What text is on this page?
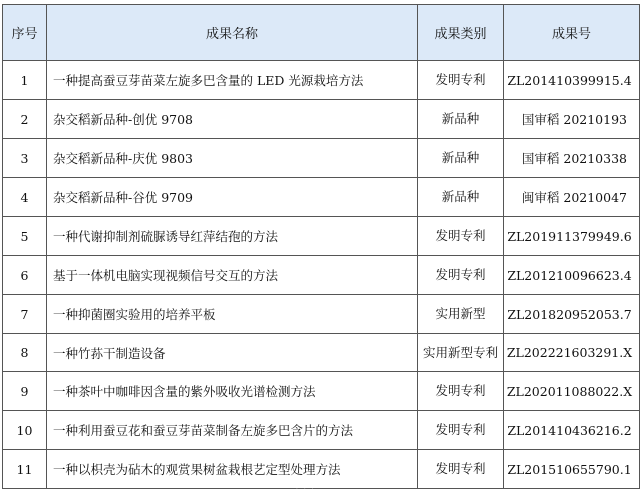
序号	成果名称	成果类别	成果号
1	一种提高蚕豆芽苗菜左旋多巴含量的 LED 光源栽培方法	发明专利	ZL201410399915.4
2	杂交稻新品种-创优 9708	新品种	国审稻 20210193
3	杂交稻新品种-庆优 9803	新品种	国审稻 20210338
4	杂交稻新品种-谷优 9709	新品种	闽审稻 20210047
5	一种代谢抑制剂硫脲诱导红萍结孢的方法	发明专利	ZL201911379949.6
6	基于一体机电脑实现视频信号交互的方法	发明专利	ZL201210096623.4
7	一种抑菌圈实验用的培养平板	实用新型	ZL201820952053.7
8	一种竹荪干制造设备	实用新型专利	ZL202221603291.X
9	一种茶叶中咖啡因含量的紫外吸收光谱检测方法	发明专利	ZL202011088022.X
10	一种利用蚕豆花和蚕豆芽苗菜制备左旋多巴含片的方法	发明专利	ZL201410436216.2
11	一种以枳壳为砧木的观赏果树盆栽根艺定型处理方法	发明专利	ZL201510655790.1
· · ·
